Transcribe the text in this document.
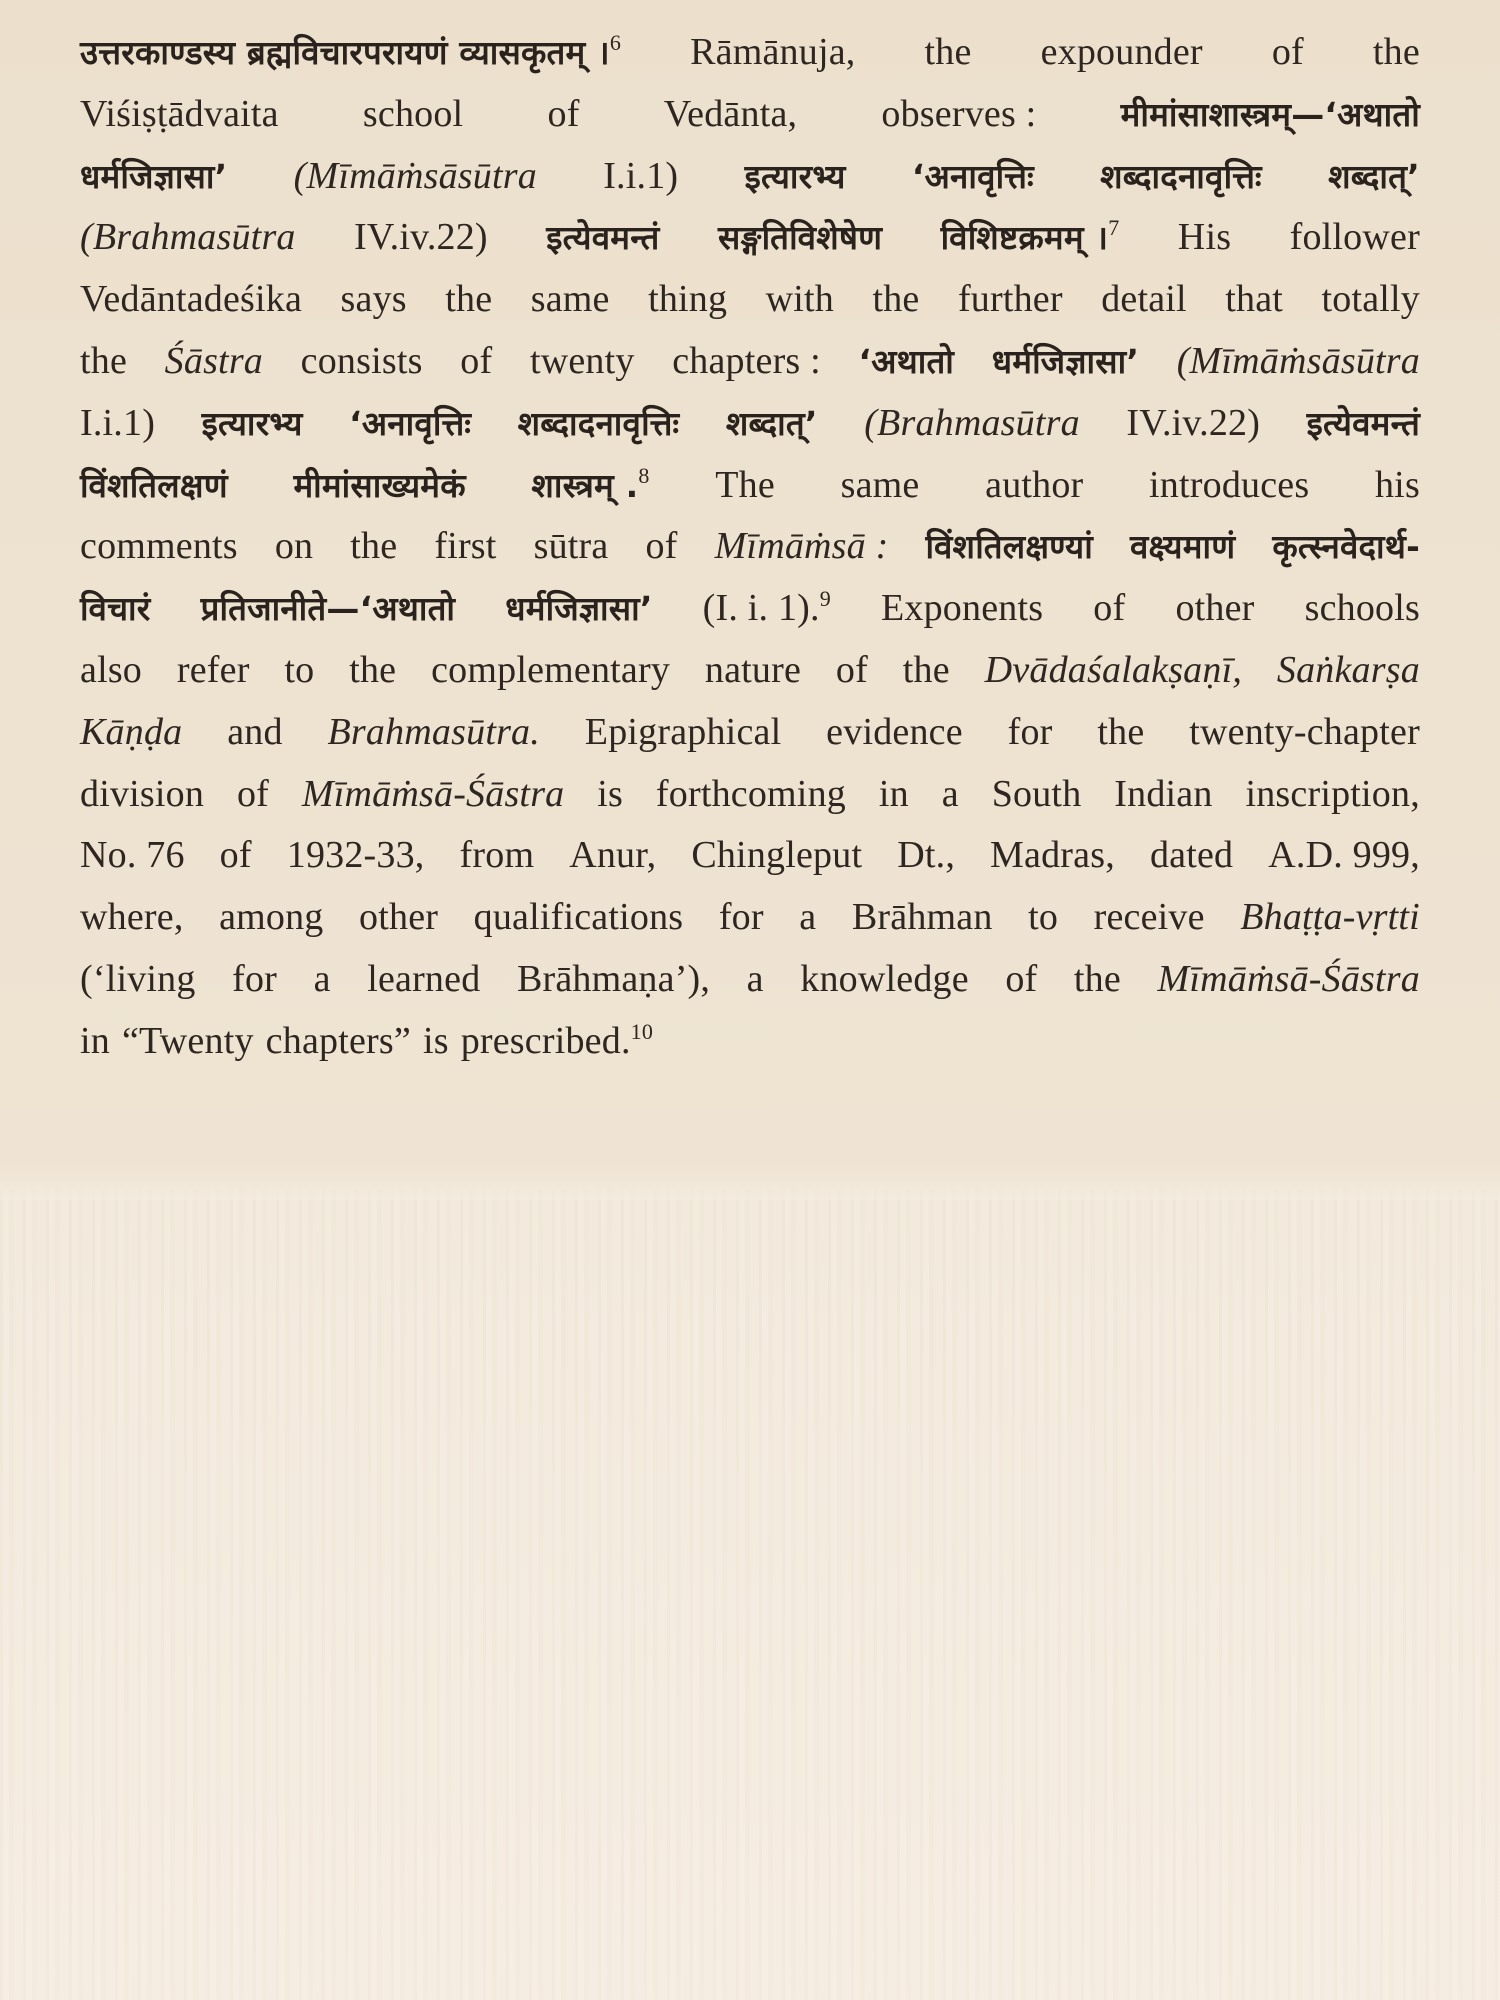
उत्तरकाण्डस्य ब्रह्मविचारपरायणं व्यासकृतम् ।$^6$ Rāmānuja, the expounder of the
Viśiṣṭādvaita school of Vedānta, observes :	मीमांसाशास्त्रम्—‘अथातो
धर्मजिज्ञासा’ (Mīmāṁsāsūtra I.i.1) इत्यारभ्य ‘अनावृत्तिः शब्दादनावृत्तिः शब्दात्’
(Brahmasūtra IV.iv.22) इत्येवमन्तं सङ्गतिविशेषेण विशिष्टक्रमम् ।$^7$ His follower
Vedāntadeśika says the same thing with the further detail that totally
the Śāstra consists of twenty chapters : ‘अथातो धर्मजिज्ञासा’ (Mīmāṁsāsūtra
I.i.1) इत्यारभ्य ‘अनावृत्तिः शब्दादनावृत्तिः शब्दात्’ (Brahmasūtra IV.iv.22) इत्येवमन्तं
विंशतिलक्षणं मीमांसाख्यमेकं शास्त्रम् .$^8$ The same author introduces his
comments on the first sūtra of Mīmāṁsā : विंशतिलक्षण्यां वक्ष्यमाणं कृत्स्नवेदार्थ-
विचारं प्रतिजानीते—‘अथातो धर्मजिज्ञासा’ (I. i. 1).$^9$ Exponents of other schools
also refer to the complementary nature of the Dvādaśalakṣaṇī, Saṅkarṣa
Kāṇḍa and Brahmasūtra. Epigraphical evidence for the twenty-chapter
division of Mīmāṁsā-Śāstra is forthcoming in a South Indian inscription,
No. 76 of 1932-33, from Anur, Chingleput Dt., Madras, dated A.D. 999,
where, among other qualifications for a Brāhman to receive Bhaṭṭa-vṛtti
(‘living for a learned Brāhmaṇa’), a knowledge of the Mīmāṁsā-Śāstra
in “Twenty chapters” is prescribed.$^{10}$
